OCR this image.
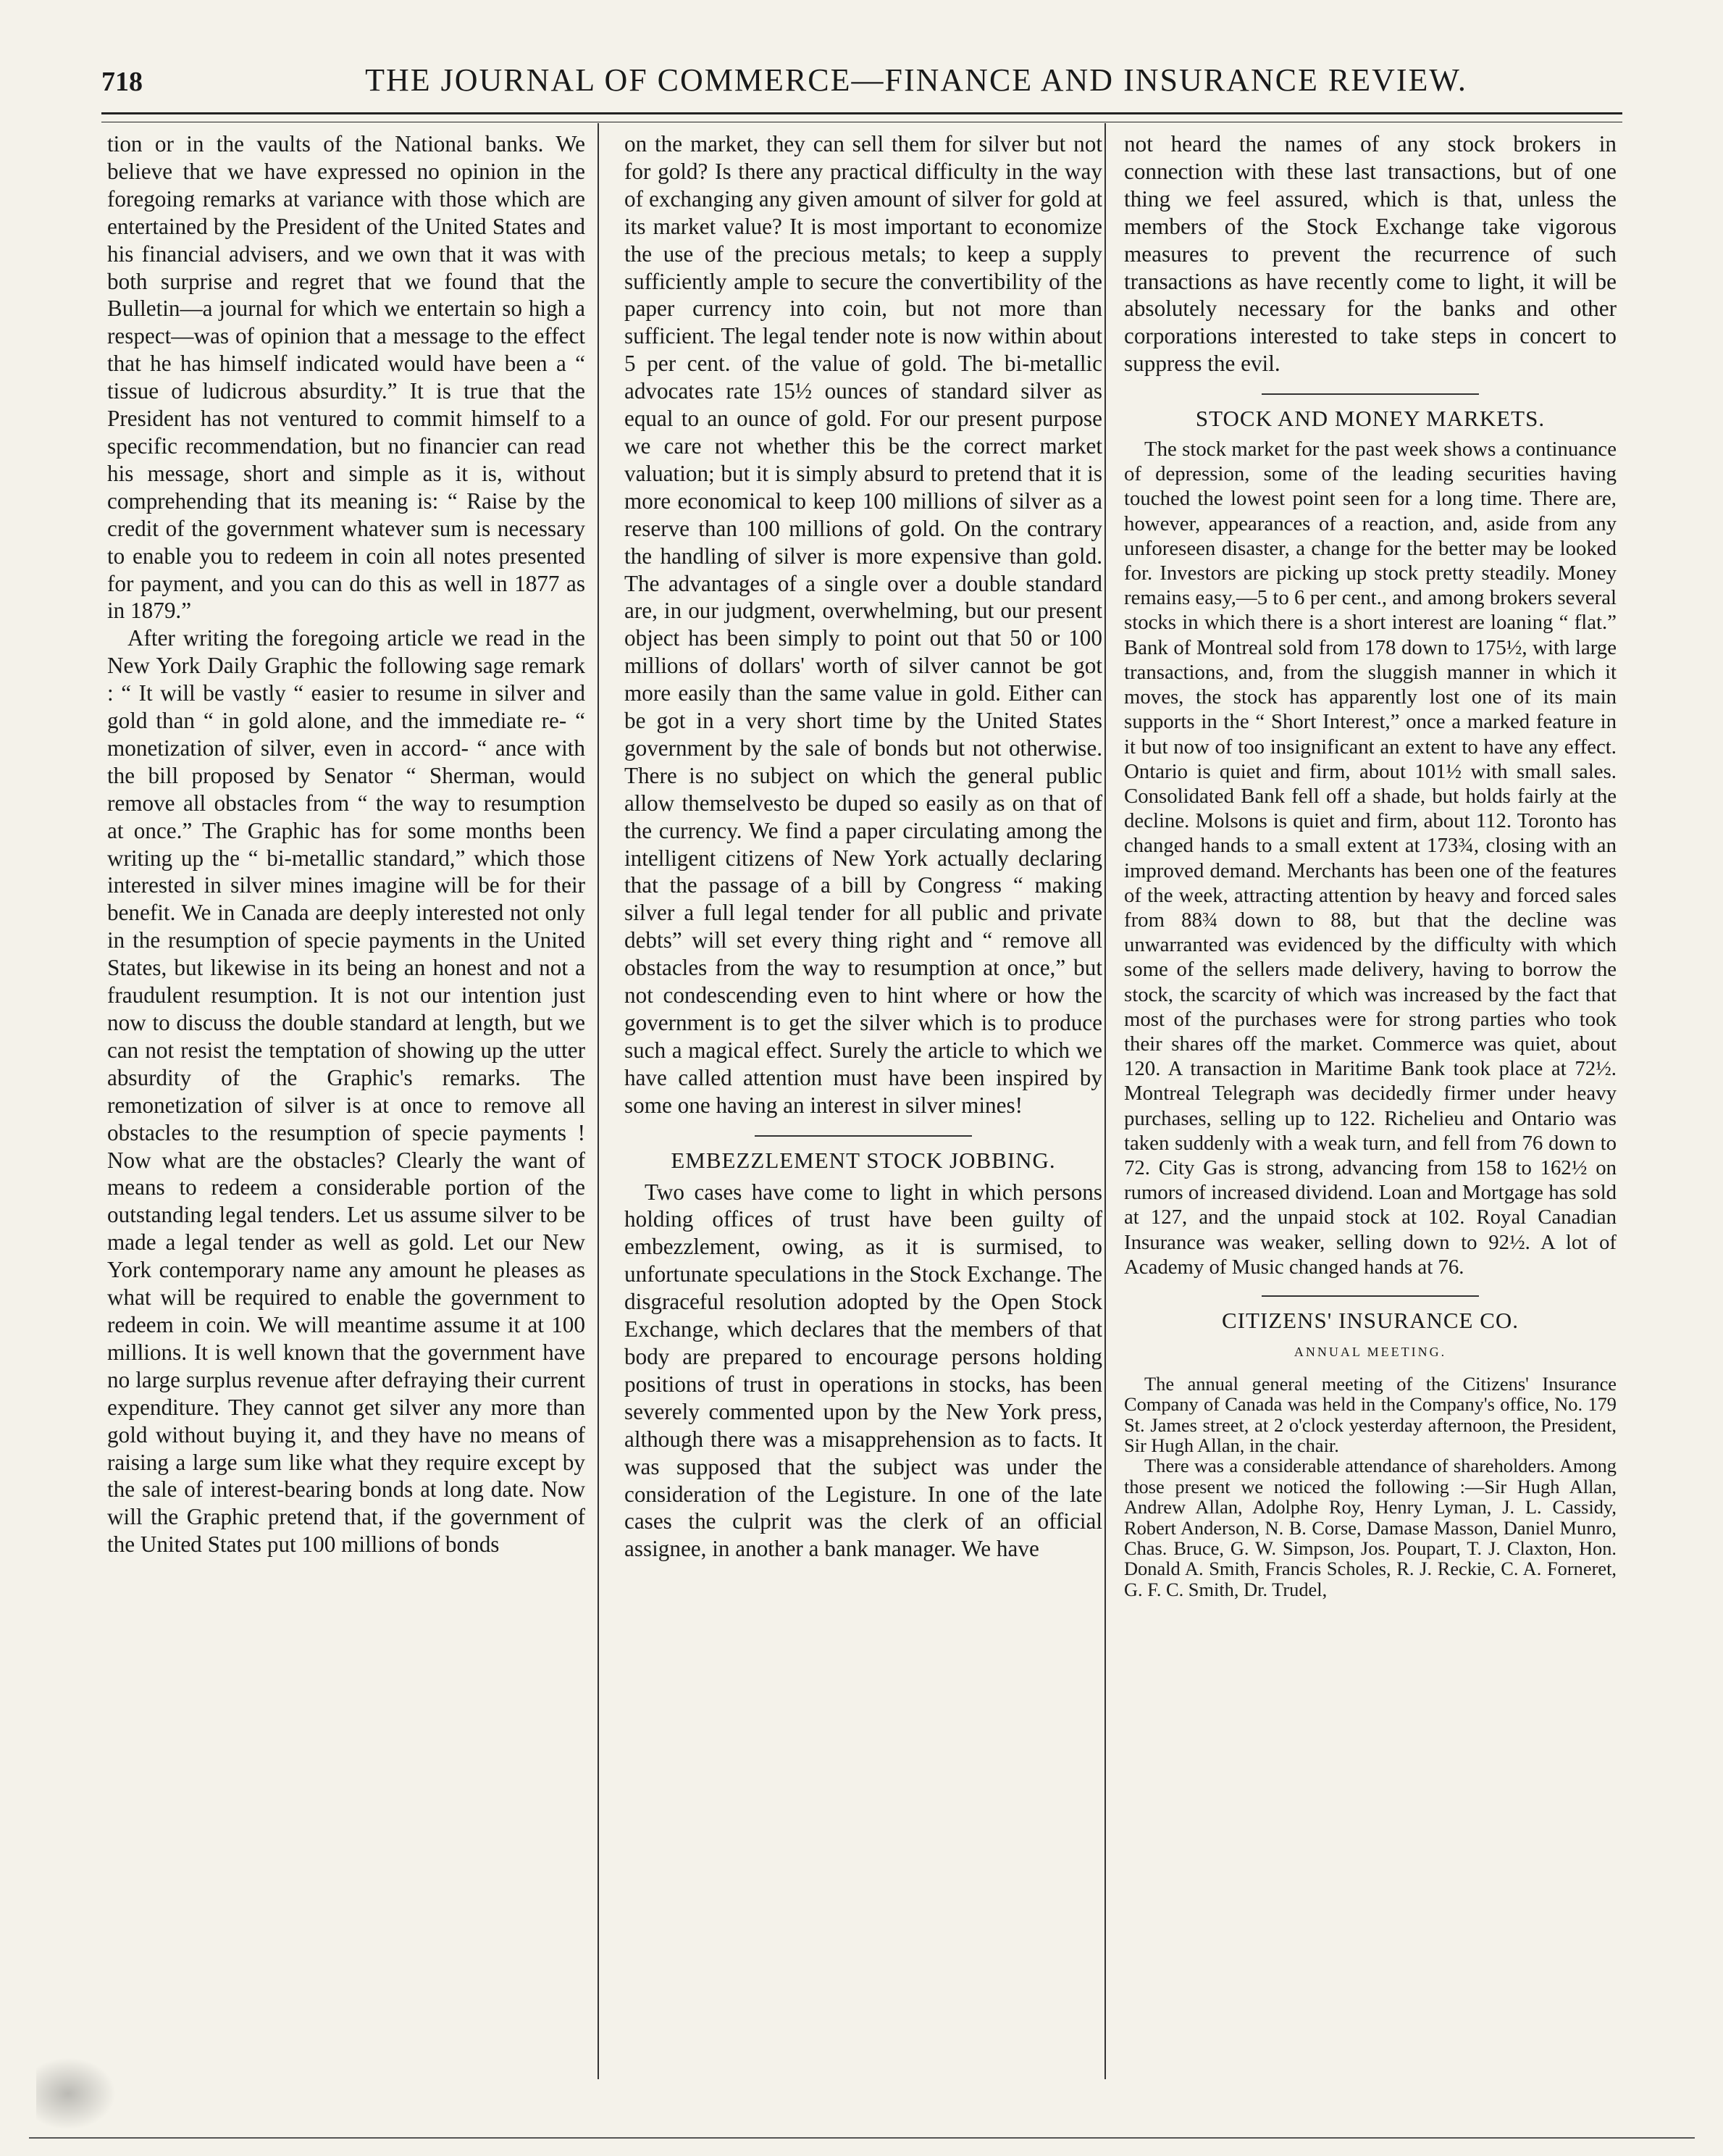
718	THE JOURNAL OF COMMERCE—FINANCE AND INSURANCE REVIEW.

tion or in the vaults of the National banks. We believe that we have expressed no opinion in the foregoing remarks at variance with those which are entertained by the President of the United States and his financial advisers, and we own that it was with both surprise and regret that we found that the Bulletin—a journal for which we entertain so high a respect—was of opinion that a message to the effect that he has himself indicated would have been a “ tissue of ludicrous absurdity.” It is true that the President has not ventured to commit himself to a specific recommendation, but no financier can read his message, short and simple as it is, without comprehending that its meaning is: “ Raise by the credit of the government whatever sum is necessary to enable you to redeem in coin all notes presented for payment, and you can do this as well in 1877 as in 1879.”

After writing the foregoing article we read in the New York Daily Graphic the following sage remark : “ It will be vastly “ easier to resume in silver and gold than “ in gold alone, and the immediate re- “ monetization of silver, even in accord- “ ance with the bill proposed by Senator “ Sherman, would remove all obstacles from “ the way to resumption at once.” The Graphic has for some months been writing up the “ bi-metallic standard,” which those interested in silver mines imagine will be for their benefit. We in Canada are deeply interested not only in the resumption of specie payments in the United States, but likewise in its being an honest and not a fraudulent resumption. It is not our intention just now to discuss the double standard at length, but we can not resist the temptation of showing up the utter absurdity of the Graphic's remarks. The remonetization of silver is at once to remove all obstacles to the resumption of specie payments ! Now what are the obstacles? Clearly the want of means to redeem a considerable portion of the outstanding legal tenders. Let us assume silver to be made a legal tender as well as gold. Let our New York contemporary name any amount he pleases as what will be required to enable the government to redeem in coin. We will meantime assume it at 100 millions. It is well known that the government have no large surplus revenue after defraying their current expenditure. They cannot get silver any more than gold without buying it, and they have no means of raising a large sum like what they require except by the sale of interest-bearing bonds at long date. Now will the Graphic pretend that, if the government of the United States put 100 millions of bonds

on the market, they can sell them for silver but not for gold? Is there any practical difficulty in the way of exchanging any given amount of silver for gold at its market value? It is most important to economize the use of the precious metals; to keep a supply sufficiently ample to secure the convertibility of the paper currency into coin, but not more than sufficient. The legal tender note is now within about 5 per cent. of the value of gold. The bi-metallic advocates rate 15½ ounces of standard silver as equal to an ounce of gold. For our present purpose we care not whether this be the correct market valuation; but it is simply absurd to pretend that it is more economical to keep 100 millions of silver as a reserve than 100 millions of gold. On the contrary the handling of silver is more expensive than gold. The advantages of a single over a double standard are, in our judgment, overwhelming, but our present object has been simply to point out that 50 or 100 millions of dollars' worth of silver cannot be got more easily than the same value in gold. Either can be got in a very short time by the United States government by the sale of bonds but not otherwise. There is no subject on which the general public allow themselvesto be duped so easily as on that of the currency. We find a paper circulating among the intelligent citizens of New York actually declaring that the passage of a bill by Congress “ making silver a full legal tender for all public and private debts” will set every thing right and “ remove all obstacles from the way to resumption at once,” but not condescending even to hint where or how the government is to get the silver which is to produce such a magical effect. Surely the article to which we have called attention must have been inspired by some one having an interest in silver mines!

EMBEZZLEMENT STOCK JOBBING.

Two cases have come to light in which persons holding offices of trust have been guilty of embezzlement, owing, as it is surmised, to unfortunate speculations in the Stock Exchange. The disgraceful resolution adopted by the Open Stock Exchange, which declares that the members of that body are prepared to encourage persons holding positions of trust in operations in stocks, has been severely commented upon by the New York press, although there was a misapprehension as to facts. It was supposed that the subject was under the consideration of the Legisture. In one of the late cases the culprit was the clerk of an official assignee, in another a bank manager. We have

not heard the names of any stock brokers in connection with these last transactions, but of one thing we feel assured, which is that, unless the members of the Stock Exchange take vigorous measures to prevent the recurrence of such transactions as have recently come to light, it will be absolutely necessary for the banks and other corporations interested to take steps in concert to suppress the evil.

STOCK AND MONEY MARKETS.

The stock market for the past week shows a continuance of depression, some of the leading securities having touched the lowest point seen for a long time. There are, however, appearances of a reaction, and, aside from any unforeseen disaster, a change for the better may be looked for. Investors are picking up stock pretty steadily. Money remains easy,—5 to 6 per cent., and among brokers several stocks in which there is a short interest are loaning “ flat.” Bank of Montreal sold from 178 down to 175½, with large transactions, and, from the sluggish manner in which it moves, the stock has apparently lost one of its main supports in the “ Short Interest,” once a marked feature in it but now of too insignificant an extent to have any effect. Ontario is quiet and firm, about 101½ with small sales. Consolidated Bank fell off a shade, but holds fairly at the decline. Molsons is quiet and firm, about 112. Toronto has changed hands to a small extent at 173¾, closing with an improved demand. Merchants has been one of the features of the week, attracting attention by heavy and forced sales from 88¾ down to 88, but that the decline was unwarranted was evidenced by the difficulty with which some of the sellers made delivery, having to borrow the stock, the scarcity of which was increased by the fact that most of the purchases were for strong parties who took their shares off the market. Commerce was quiet, about 120. A transaction in Maritime Bank took place at 72½. Montreal Telegraph was decidedly firmer under heavy purchases, selling up to 122. Richelieu and Ontario was taken suddenly with a weak turn, and fell from 76 down to 72. City Gas is strong, advancing from 158 to 162½ on rumors of increased dividend. Loan and Mortgage has sold at 127, and the unpaid stock at 102. Royal Canadian Insurance was weaker, selling down to 92½. A lot of Academy of Music changed hands at 76.

CITIZENS' INSURANCE CO.
ANNUAL MEETING.

The annual general meeting of the Citizens' Insurance Company of Canada was held in the Company's office, No. 179 St. James street, at 2 o'clock yesterday afternoon, the President, Sir Hugh Allan, in the chair.

There was a considerable attendance of shareholders. Among those present we noticed the following :—Sir Hugh Allan, Andrew Allan, Adolphe Roy, Henry Lyman, J. L. Cassidy, Robert Anderson, N. B. Corse, Damase Masson, Daniel Munro, Chas. Bruce, G. W. Simpson, Jos. Poupart, T. J. Claxton, Hon. Donald A. Smith, Francis Scholes, R. J. Reckie, C. A. Forneret, G. F. C. Smith, Dr. Trudel,
